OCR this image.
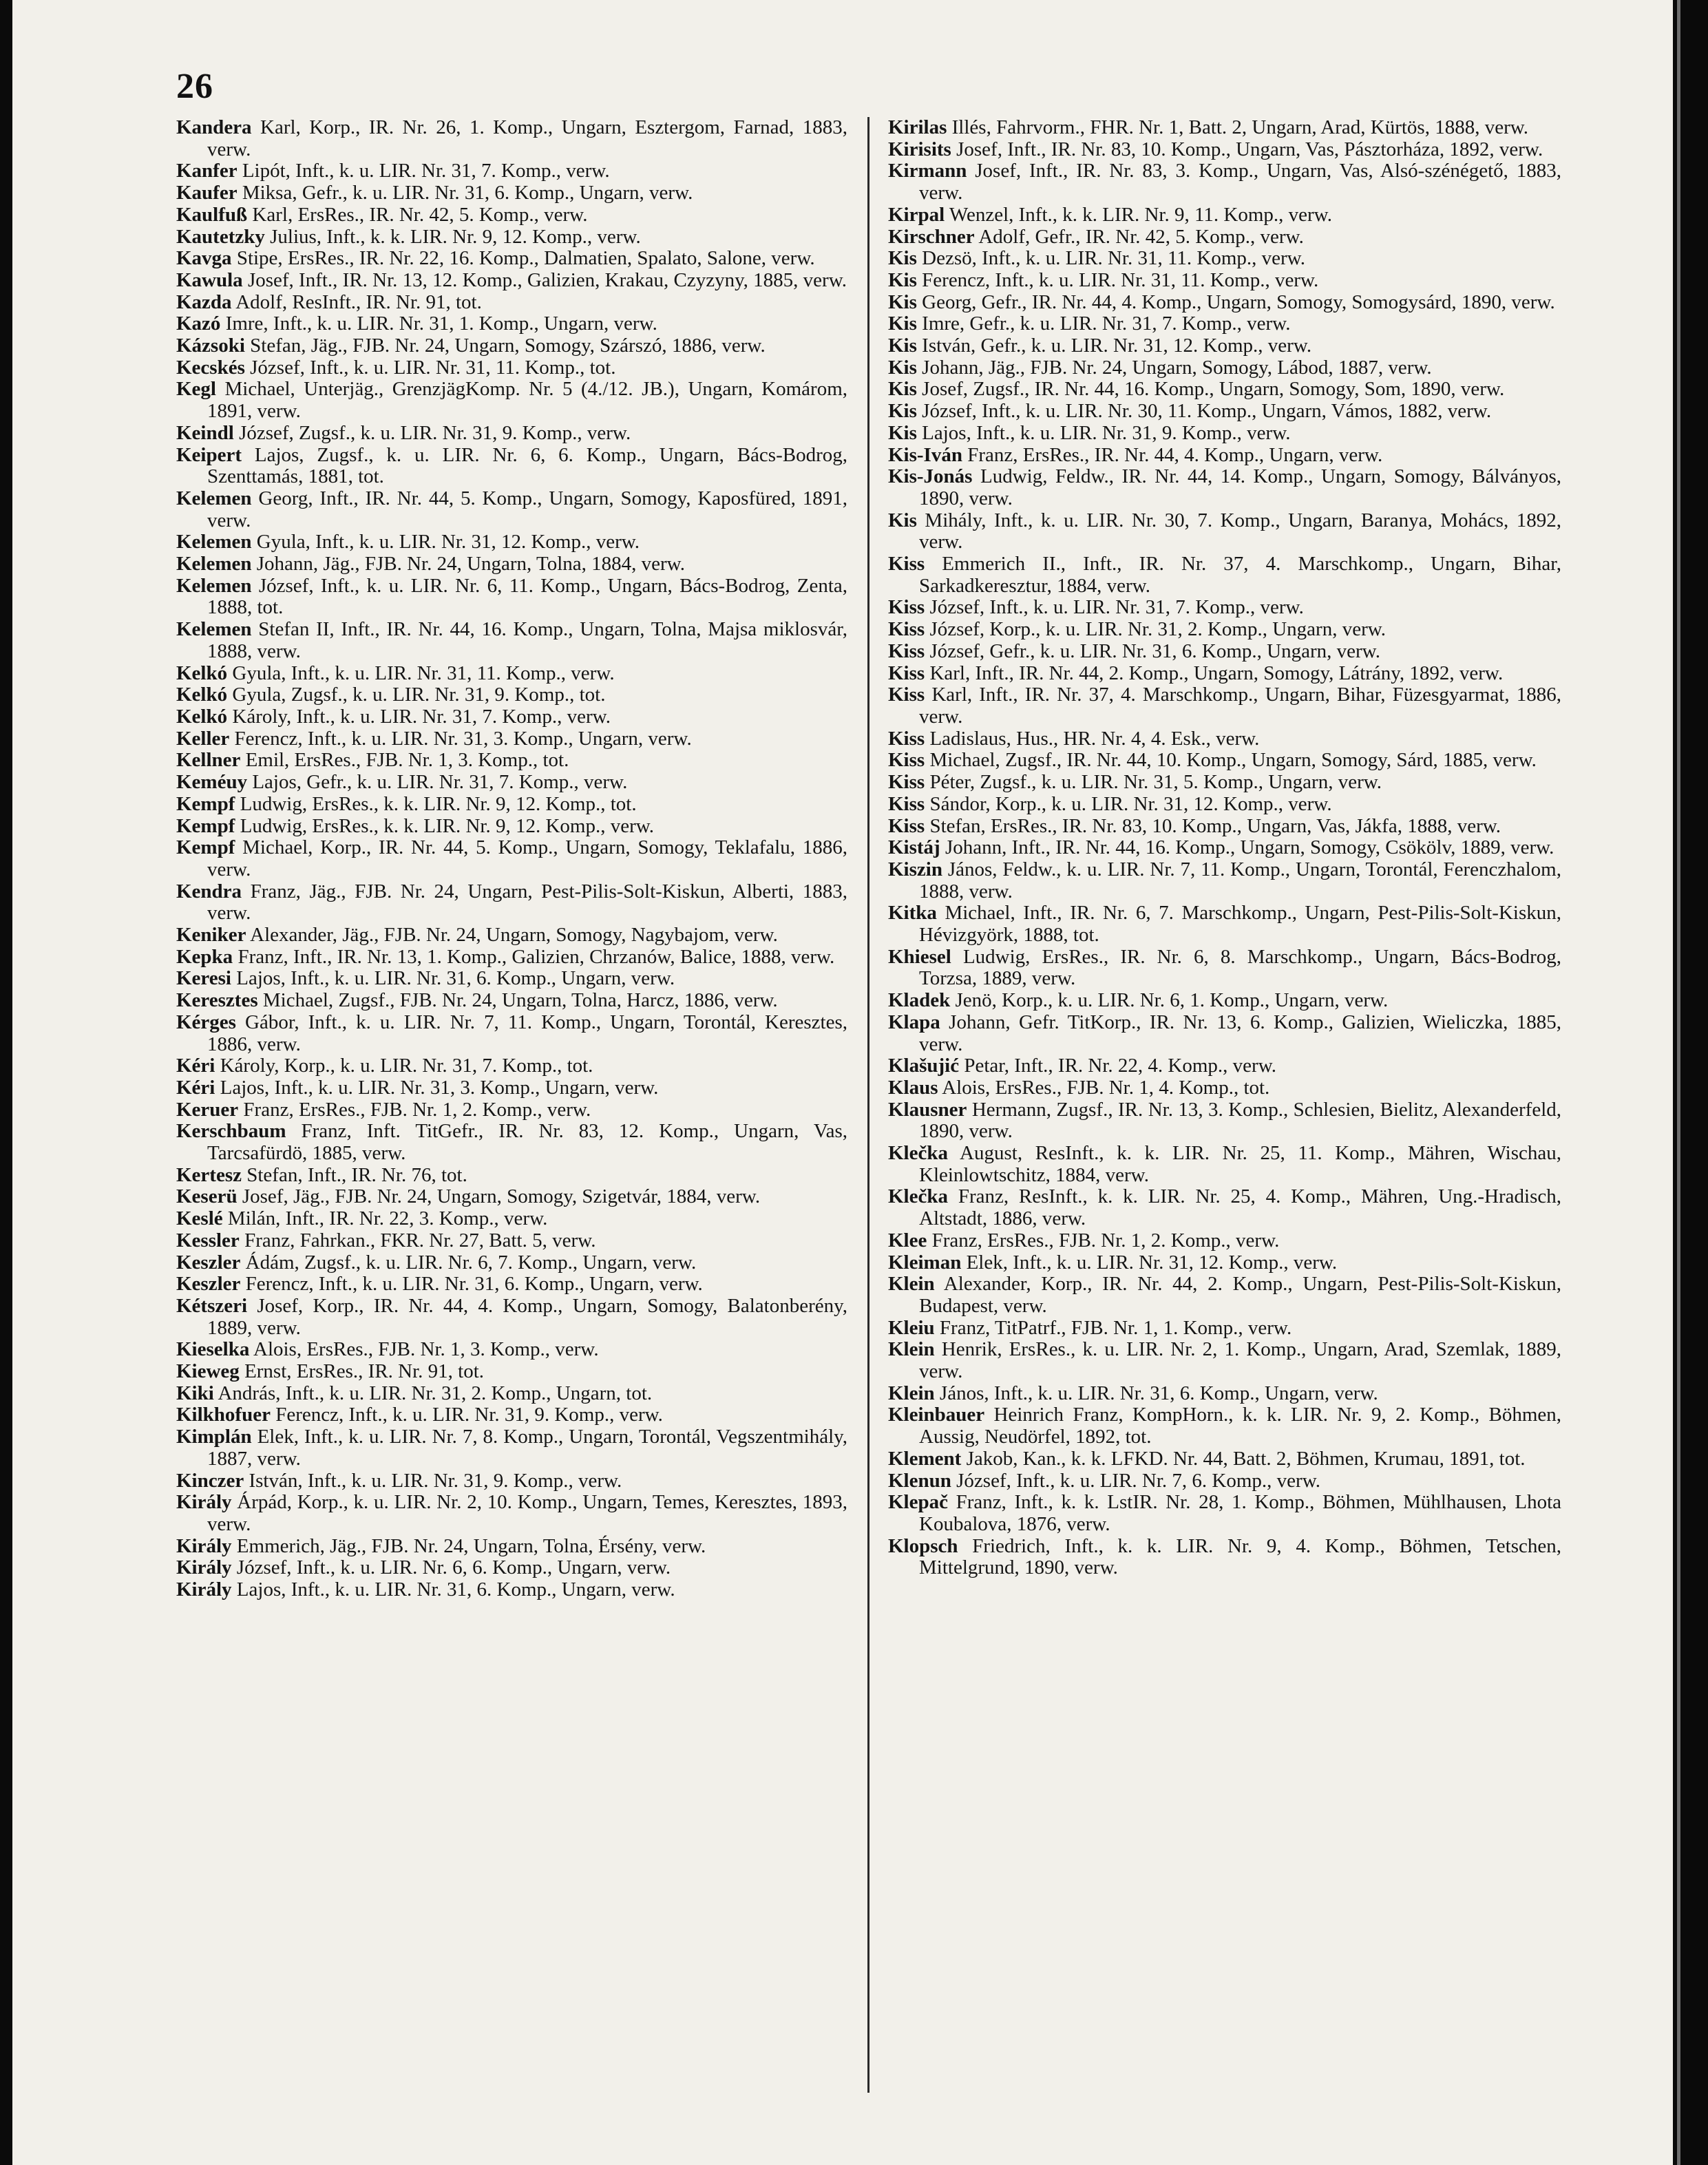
26

Kandera Karl, Korp., IR. Nr. 26, 1. Komp., Ungarn, Esztergom, Farnad, 1883, verw.

Kanfer Lipót, Inft., k. u. LIR. Nr. 31, 7. Komp., verw.

Kaufer Miksa, Gefr., k. u. LIR. Nr. 31, 6. Komp., Ungarn, verw.

Kaulfuß Karl, ErsRes., IR. Nr. 42, 5. Komp., verw.

Kautetzky Julius, Inft., k. k. LIR. Nr. 9, 12. Komp., verw.

Kavga Stipe, ErsRes., IR. Nr. 22, 16. Komp., Dalmatien, Spalato, Salone, verw.

Kawula Josef, Inft., IR. Nr. 13, 12. Komp., Galizien, Krakau, Czyzyny, 1885, verw.

Kazda Adolf, ResInft., IR. Nr. 91, tot.

Kazó Imre, Inft., k. u. LIR. Nr. 31, 1. Komp., Ungarn, verw.

Kázsoki Stefan, Jäg., FJB. Nr. 24, Ungarn, Somogy, Szárszó, 1886, verw.

Kecskés József, Inft., k. u. LIR. Nr. 31, 11. Komp., tot.

Kegl Michael, Unterjäg., GrenzjägKomp. Nr. 5 (4./12. JB.), Ungarn, Komárom, 1891, verw.

Keindl József, Zugsf., k. u. LIR. Nr. 31, 9. Komp., verw.

Keipert Lajos, Zugsf., k. u. LIR. Nr. 6, 6. Komp., Ungarn, Bács-Bodrog, Szenttamás, 1881, tot.

Kelemen Georg, Inft., IR. Nr. 44, 5. Komp., Ungarn, Somogy, Kaposfüred, 1891, verw.

Kelemen Gyula, Inft., k. u. LIR. Nr. 31, 12. Komp., verw.

Kelemen Johann, Jäg., FJB. Nr. 24, Ungarn, Tolna, 1884, verw.

Kelemen József, Inft., k. u. LIR. Nr. 6, 11. Komp., Ungarn, Bács-Bodrog, Zenta, 1888, tot.

Kelemen Stefan II, Inft., IR. Nr. 44, 16. Komp., Ungarn, Tolna, Majsa miklosvár, 1888, verw.

Kelkó Gyula, Inft., k. u. LIR. Nr. 31, 11. Komp., verw.

Kelkó Gyula, Zugsf., k. u. LIR. Nr. 31, 9. Komp., tot.

Kelkó Károly, Inft., k. u. LIR. Nr. 31, 7. Komp., verw.

Keller Ferencz, Inft., k. u. LIR. Nr. 31, 3. Komp., Ungarn, verw.

Kellner Emil, ErsRes., FJB. Nr. 1, 3. Komp., tot.

Keméuy Lajos, Gefr., k. u. LIR. Nr. 31, 7. Komp., verw.

Kempf Ludwig, ErsRes., k. k. LIR. Nr. 9, 12. Komp., tot.

Kempf Ludwig, ErsRes., k. k. LIR. Nr. 9, 12. Komp., verw.

Kempf Michael, Korp., IR. Nr. 44, 5. Komp., Ungarn, Somogy, Teklafalu, 1886, verw.

Kendra Franz, Jäg., FJB. Nr. 24, Ungarn, Pest-Pilis-Solt-Kiskun, Alberti, 1883, verw.

Keniker Alexander, Jäg., FJB. Nr. 24, Ungarn, Somogy, Nagybajom, verw.

Kepka Franz, Inft., IR. Nr. 13, 1. Komp., Galizien, Chrzanów, Balice, 1888, verw.

Keresi Lajos, Inft., k. u. LIR. Nr. 31, 6. Komp., Ungarn, verw.

Keresztes Michael, Zugsf., FJB. Nr. 24, Ungarn, Tolna, Harcz, 1886, verw.

Kérges Gábor, Inft., k. u. LIR. Nr. 7, 11. Komp., Ungarn, Torontál, Keresztes, 1886, verw.

Kéri Károly, Korp., k. u. LIR. Nr. 31, 7. Komp., tot.

Kéri Lajos, Inft., k. u. LIR. Nr. 31, 3. Komp., Ungarn, verw.

Keruer Franz, ErsRes., FJB. Nr. 1, 2. Komp., verw.

Kerschbaum Franz, Inft. TitGefr., IR. Nr. 83, 12. Komp., Ungarn, Vas, Tarcsafürdö, 1885, verw.

Kertesz Stefan, Inft., IR. Nr. 76, tot.

Keserü Josef, Jäg., FJB. Nr. 24, Ungarn, Somogy, Szigetvár, 1884, verw.

Keslé Milán, Inft., IR. Nr. 22, 3. Komp., verw.

Kessler Franz, Fahrkan., FKR. Nr. 27, Batt. 5, verw.

Keszler Ádám, Zugsf., k. u. LIR. Nr. 6, 7. Komp., Ungarn, verw.

Keszler Ferencz, Inft., k. u. LIR. Nr. 31, 6. Komp., Ungarn, verw.

Kétszeri Josef, Korp., IR. Nr. 44, 4. Komp., Ungarn, Somogy, Balatonberény, 1889, verw.

Kieselka Alois, ErsRes., FJB. Nr. 1, 3. Komp., verw.

Kieweg Ernst, ErsRes., IR. Nr. 91, tot.

Kiki András, Inft., k. u. LIR. Nr. 31, 2. Komp., Ungarn, tot.

Kilkhofuer Ferencz, Inft., k. u. LIR. Nr. 31, 9. Komp., verw.

Kimplán Elek, Inft., k. u. LIR. Nr. 7, 8. Komp., Ungarn, Torontál, Vegszentmihály, 1887, verw.

Kinczer István, Inft., k. u. LIR. Nr. 31, 9. Komp., verw.

Király Árpád, Korp., k. u. LIR. Nr. 2, 10. Komp., Ungarn, Temes, Keresztes, 1893, verw.

Király Emmerich, Jäg., FJB. Nr. 24, Ungarn, Tolna, Érsény, verw.

Király József, Inft., k. u. LIR. Nr. 6, 6. Komp., Ungarn, verw.

Király Lajos, Inft., k. u. LIR. Nr. 31, 6. Komp., Ungarn, verw.

Kirilas Illés, Fahrvorm., FHR. Nr. 1, Batt. 2, Ungarn, Arad, Kürtös, 1888, verw.

Kirisits Josef, Inft., IR. Nr. 83, 10. Komp., Ungarn, Vas, Pásztorháza, 1892, verw.

Kirmann Josef, Inft., IR. Nr. 83, 3. Komp., Ungarn, Vas, Alsó-szénégető, 1883, verw.

Kirpal Wenzel, Inft., k. k. LIR. Nr. 9, 11. Komp., verw.

Kirschner Adolf, Gefr., IR. Nr. 42, 5. Komp., verw.

Kis Dezsö, Inft., k. u. LIR. Nr. 31, 11. Komp., verw.

Kis Ferencz, Inft., k. u. LIR. Nr. 31, 11. Komp., verw.

Kis Georg, Gefr., IR. Nr. 44, 4. Komp., Ungarn, Somogy, Somogysárd, 1890, verw.

Kis Imre, Gefr., k. u. LIR. Nr. 31, 7. Komp., verw.

Kis István, Gefr., k. u. LIR. Nr. 31, 12. Komp., verw.

Kis Johann, Jäg., FJB. Nr. 24, Ungarn, Somogy, Lábod, 1887, verw.

Kis Josef, Zugsf., IR. Nr. 44, 16. Komp., Ungarn, Somogy, Som, 1890, verw.

Kis József, Inft., k. u. LIR. Nr. 30, 11. Komp., Ungarn, Vámos, 1882, verw.

Kis Lajos, Inft., k. u. LIR. Nr. 31, 9. Komp., verw.

Kis-Iván Franz, ErsRes., IR. Nr. 44, 4. Komp., Ungarn, verw.

Kis-Jonás Ludwig, Feldw., IR. Nr. 44, 14. Komp., Ungarn, Somogy, Bálványos, 1890, verw.

Kis Mihály, Inft., k. u. LIR. Nr. 30, 7. Komp., Ungarn, Baranya, Mohács, 1892, verw.

Kiss Emmerich II., Inft., IR. Nr. 37, 4. Marschkomp., Ungarn, Bihar, Sarkadkeresztur, 1884, verw.

Kiss József, Inft., k. u. LIR. Nr. 31, 7. Komp., verw.

Kiss József, Korp., k. u. LIR. Nr. 31, 2. Komp., Ungarn, verw.

Kiss József, Gefr., k. u. LIR. Nr. 31, 6. Komp., Ungarn, verw.

Kiss Karl, Inft., IR. Nr. 44, 2. Komp., Ungarn, Somogy, Látrány, 1892, verw.

Kiss Karl, Inft., IR. Nr. 37, 4. Marschkomp., Ungarn, Bihar, Füzesgyarmat, 1886, verw.

Kiss Ladislaus, Hus., HR. Nr. 4, 4. Esk., verw.

Kiss Michael, Zugsf., IR. Nr. 44, 10. Komp., Ungarn, Somogy, Sárd, 1885, verw.

Kiss Péter, Zugsf., k. u. LIR. Nr. 31, 5. Komp., Ungarn, verw.

Kiss Sándor, Korp., k. u. LIR. Nr. 31, 12. Komp., verw.

Kiss Stefan, ErsRes., IR. Nr. 83, 10. Komp., Ungarn, Vas, Jákfa, 1888, verw.

Kistáj Johann, Inft., IR. Nr. 44, 16. Komp., Ungarn, Somogy, Csökölv, 1889, verw.

Kiszin János, Feldw., k. u. LIR. Nr. 7, 11. Komp., Ungarn, Torontál, Ferenczhalom, 1888, verw.

Kitka Michael, Inft., IR. Nr. 6, 7. Marschkomp., Ungarn, Pest-Pilis-Solt-Kiskun, Hévizgyörk, 1888, tot.

Khiesel Ludwig, ErsRes., IR. Nr. 6, 8. Marschkomp., Ungarn, Bács-Bodrog, Torzsa, 1889, verw.

Kladek Jenö, Korp., k. u. LIR. Nr. 6, 1. Komp., Ungarn, verw.

Klapa Johann, Gefr. TitKorp., IR. Nr. 13, 6. Komp., Galizien, Wieliczka, 1885, verw.

Klašujić Petar, Inft., IR. Nr. 22, 4. Komp., verw.

Klaus Alois, ErsRes., FJB. Nr. 1, 4. Komp., tot.

Klausner Hermann, Zugsf., IR. Nr. 13, 3. Komp., Schlesien, Bielitz, Alexanderfeld, 1890, verw.

Klečka August, ResInft., k. k. LIR. Nr. 25, 11. Komp., Mähren, Wischau, Kleinlowtschitz, 1884, verw.

Klečka Franz, ResInft., k. k. LIR. Nr. 25, 4. Komp., Mähren, Ung.-Hradisch, Altstadt, 1886, verw.

Klee Franz, ErsRes., FJB. Nr. 1, 2. Komp., verw.

Kleiman Elek, Inft., k. u. LIR. Nr. 31, 12. Komp., verw.

Klein Alexander, Korp., IR. Nr. 44, 2. Komp., Ungarn, Pest-Pilis-Solt-Kiskun, Budapest, verw.

Kleiu Franz, TitPatrf., FJB. Nr. 1, 1. Komp., verw.

Klein Henrik, ErsRes., k. u. LIR. Nr. 2, 1. Komp., Ungarn, Arad, Szemlak, 1889, verw.

Klein János, Inft., k. u. LIR. Nr. 31, 6. Komp., Ungarn, verw.

Kleinbauer Heinrich Franz, KompHorn., k. k. LIR. Nr. 9, 2. Komp., Böhmen, Aussig, Neudörfel, 1892, tot.

Klement Jakob, Kan., k. k. LFKD. Nr. 44, Batt. 2, Böhmen, Krumau, 1891, tot.

Klenun József, Inft., k. u. LIR. Nr. 7, 6. Komp., verw.

Klepač Franz, Inft., k. k. LstIR. Nr. 28, 1. Komp., Böhmen, Mühlhausen, Lhota Koubalova, 1876, verw.

Klopsch Friedrich, Inft., k. k. LIR. Nr. 9, 4. Komp., Böhmen, Tetschen, Mittelgrund, 1890, verw.
